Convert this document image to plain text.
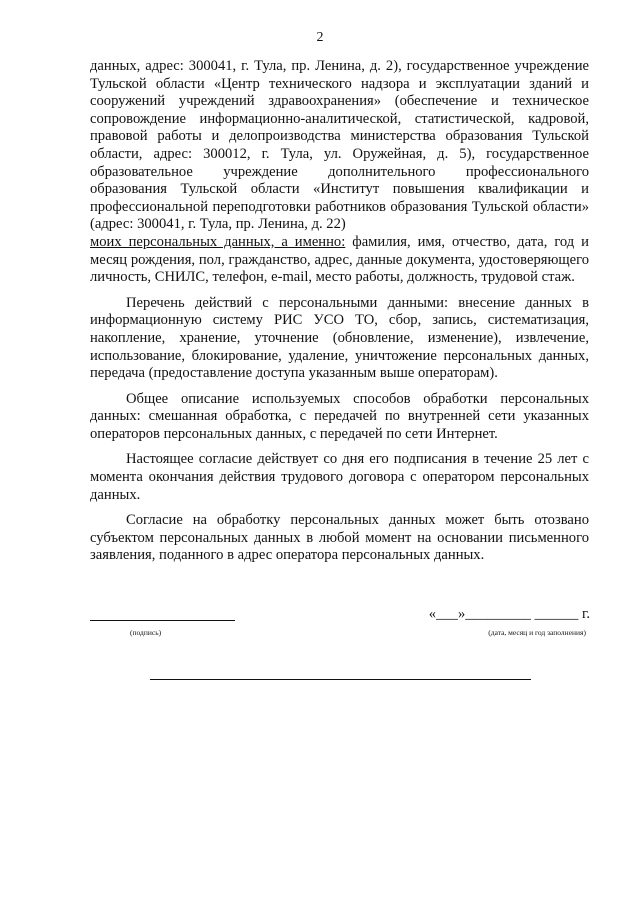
2

данных, адрес: 300041, г. Тула, пр. Ленина, д. 2), государственное учреждение Тульской области «Центр технического надзора и эксплуатации зданий и сооружений учреждений здравоохранения» (обеспечение и техническое сопровождение информационно-аналитической, статистической, кадровой, правовой работы и делопроизводства министерства образования Тульской области, адрес: 300012, г. Тула, ул. Оружейная, д. 5), государственное образовательное учреждение дополнительного профессионального образования Тульской области «Институт повышения квалификации и профессиональной переподготовки работников образования Тульской области» (адрес: 300041, г. Тула, пр. Ленина, д. 22)

моих персональных данных, а именно: фамилия, имя, отчество, дата, год и месяц рождения, пол, гражданство, адрес, данные документа, удостоверяющего личность, СНИЛС, телефон, e-mail, место работы, должность, трудовой стаж.

Перечень действий с персональными данными: внесение данных в информационную систему РИС УСО ТО, сбор, запись, систематизация, накопление, хранение, уточнение (обновление, изменение), извлечение, использование, блокирование, удаление, уничтожение персональных данных, передача (предоставление доступа указанным выше операторам).

Общее описание используемых способов обработки персональных данных: смешанная обработка, с передачей по внутренней сети указанных операторов персональных данных, с передачей по сети Интернет.

Настоящее согласие действует со дня его подписания в течение 25 лет с момента окончания действия трудового договора с оператором персональных данных.

Согласие на обработку персональных данных может быть отозвано субъектом персональных данных в любой момент на основании письменного заявления, поданного в адрес оператора персональных данных.

(подпись)
«___»_________ ______ г.
(дата, месяц и год заполнения)
